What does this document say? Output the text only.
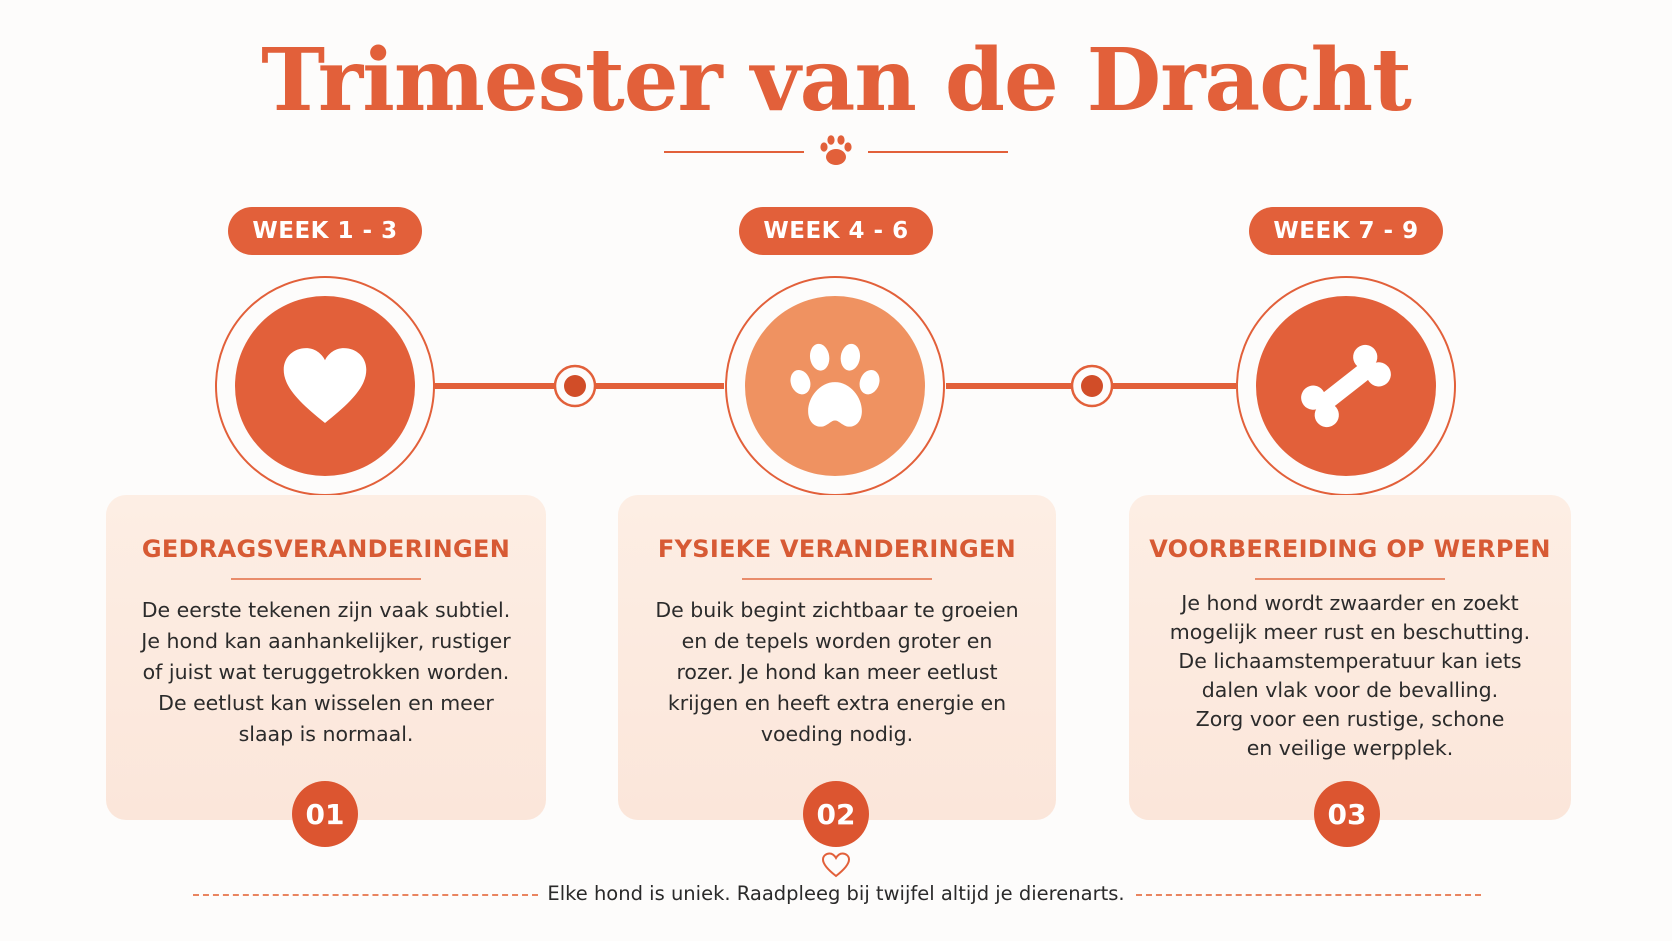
Trimester van de Dracht
WEEK 1 - 3
GEDRAGSVERANDERINGEN
De eerste tekenen zijn vaak subtiel.
Je hond kan aanhankelijker, rustiger
of juist wat teruggetrokken worden.
De eetlust kan wisselen en meer
slaap is normaal.
01
WEEK 4 - 6
FYSIEKE VERANDERINGEN
De buik begint zichtbaar te groeien
en de tepels worden groter en
rozer. Je hond kan meer eetlust
krijgen en heeft extra energie en
voeding nodig.
02
WEEK 7 - 9
VOORBEREIDING OP WERPEN
Je hond wordt zwaarder en zoekt
mogelijk meer rust en beschutting.
De lichaamstemperatuur kan iets
dalen vlak voor de bevalling.
Zorg voor een rustige, schone
en veilige werpplek.
03
Elke hond is uniek. Raadpleeg bij twijfel altijd je dierenarts.
